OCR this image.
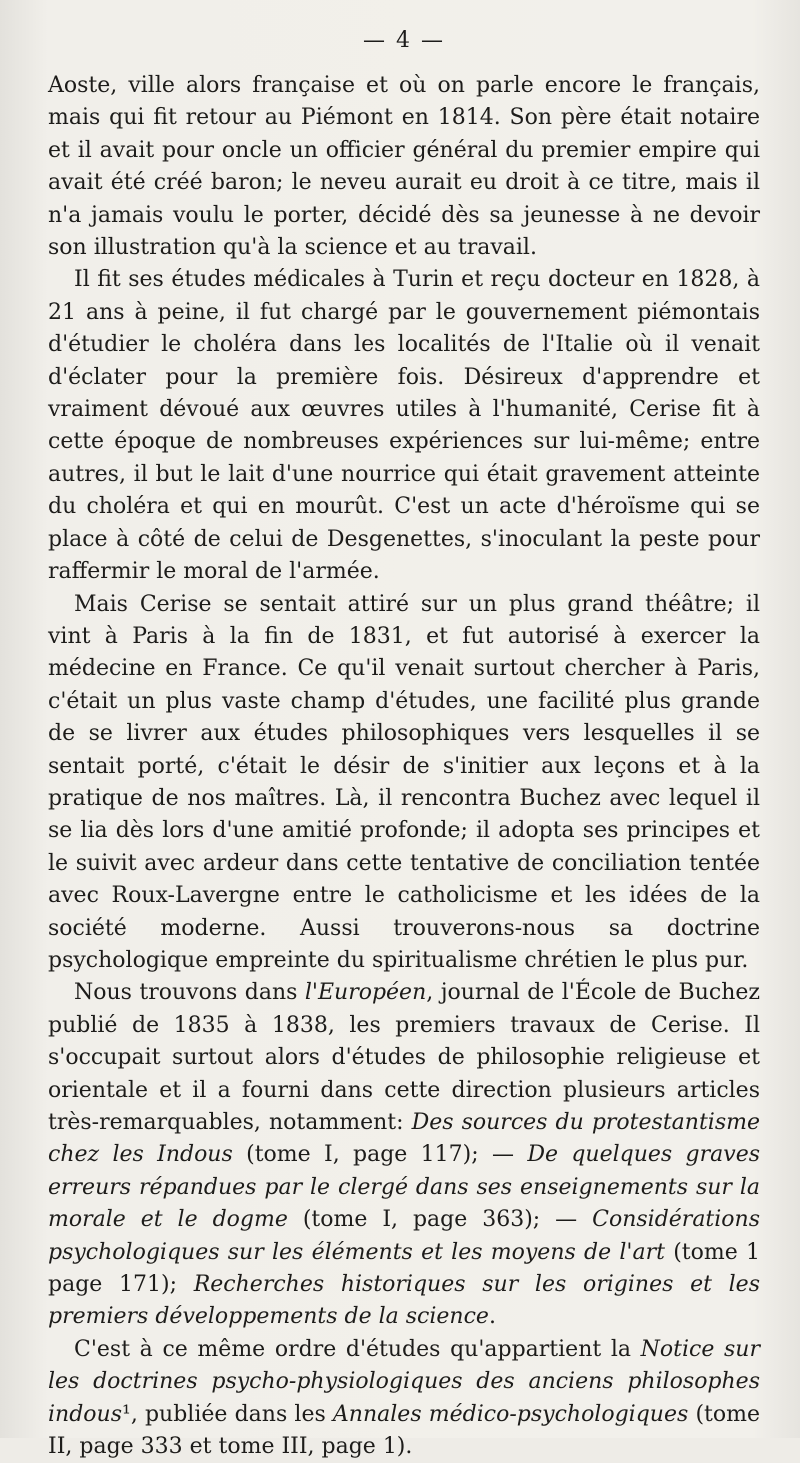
— 4 —

Aoste, ville alors française et où on parle encore le français, mais qui fit retour au Piémont en 1814. Son père était notaire et il avait pour oncle un officier général du premier empire qui avait été créé baron; le neveu aurait eu droit à ce titre, mais il n'a jamais voulu le porter, décidé dès sa jeunesse à ne devoir son illustration qu'à la science et au travail.

Il fit ses études médicales à Turin et reçu docteur en 1828, à 21 ans à peine, il fut chargé par le gouvernement piémontais d'étudier le choléra dans les localités de l'Italie où il venait d'éclater pour la première fois. Désireux d'apprendre et vraiment dévoué aux œuvres utiles à l'humanité, Cerise fit à cette époque de nombreuses expériences sur lui-même; entre autres, il but le lait d'une nourrice qui était gravement atteinte du choléra et qui en mourût. C'est un acte d'héroïsme qui se place à côté de celui de Desgenettes, s'inoculant la peste pour raffermir le moral de l'armée.

Mais Cerise se sentait attiré sur un plus grand théâtre; il vint à Paris à la fin de 1831, et fut autorisé à exercer la médecine en France. Ce qu'il venait surtout chercher à Paris, c'était un plus vaste champ d'études, une facilité plus grande de se livrer aux études philosophiques vers lesquelles il se sentait porté, c'était le désir de s'initier aux leçons et à la pratique de nos maîtres. Là, il rencontra Buchez avec lequel il se lia dès lors d'une amitié profonde; il adopta ses principes et le suivit avec ardeur dans cette tentative de conciliation tentée avec Roux-Lavergne entre le catholicisme et les idées de la société moderne. Aussi trouverons-nous sa doctrine psychologique empreinte du spiritualisme chrétien le plus pur.

Nous trouvons dans l'Européen, journal de l'École de Buchez publié de 1835 à 1838, les premiers travaux de Cerise. Il s'occupait surtout alors d'études de philosophie religieuse et orientale et il a fourni dans cette direction plusieurs articles très-remarquables, notamment: Des sources du protestantisme chez les Indous (tome I, page 117); — De quelques graves erreurs répandues par le clergé dans ses enseignements sur la morale et le dogme (tome I, page 363); — Considérations psychologiques sur les éléments et les moyens de l'art (tome 1 page 171); Recherches historiques sur les origines et les premiers développements de la science.

C'est à ce même ordre d'études qu'appartient la Notice sur les doctrines psycho-physiologiques des anciens philosophes indous¹, publiée dans les Annales médico-psychologiques (tome II, page 333 et tome III, page 1).
